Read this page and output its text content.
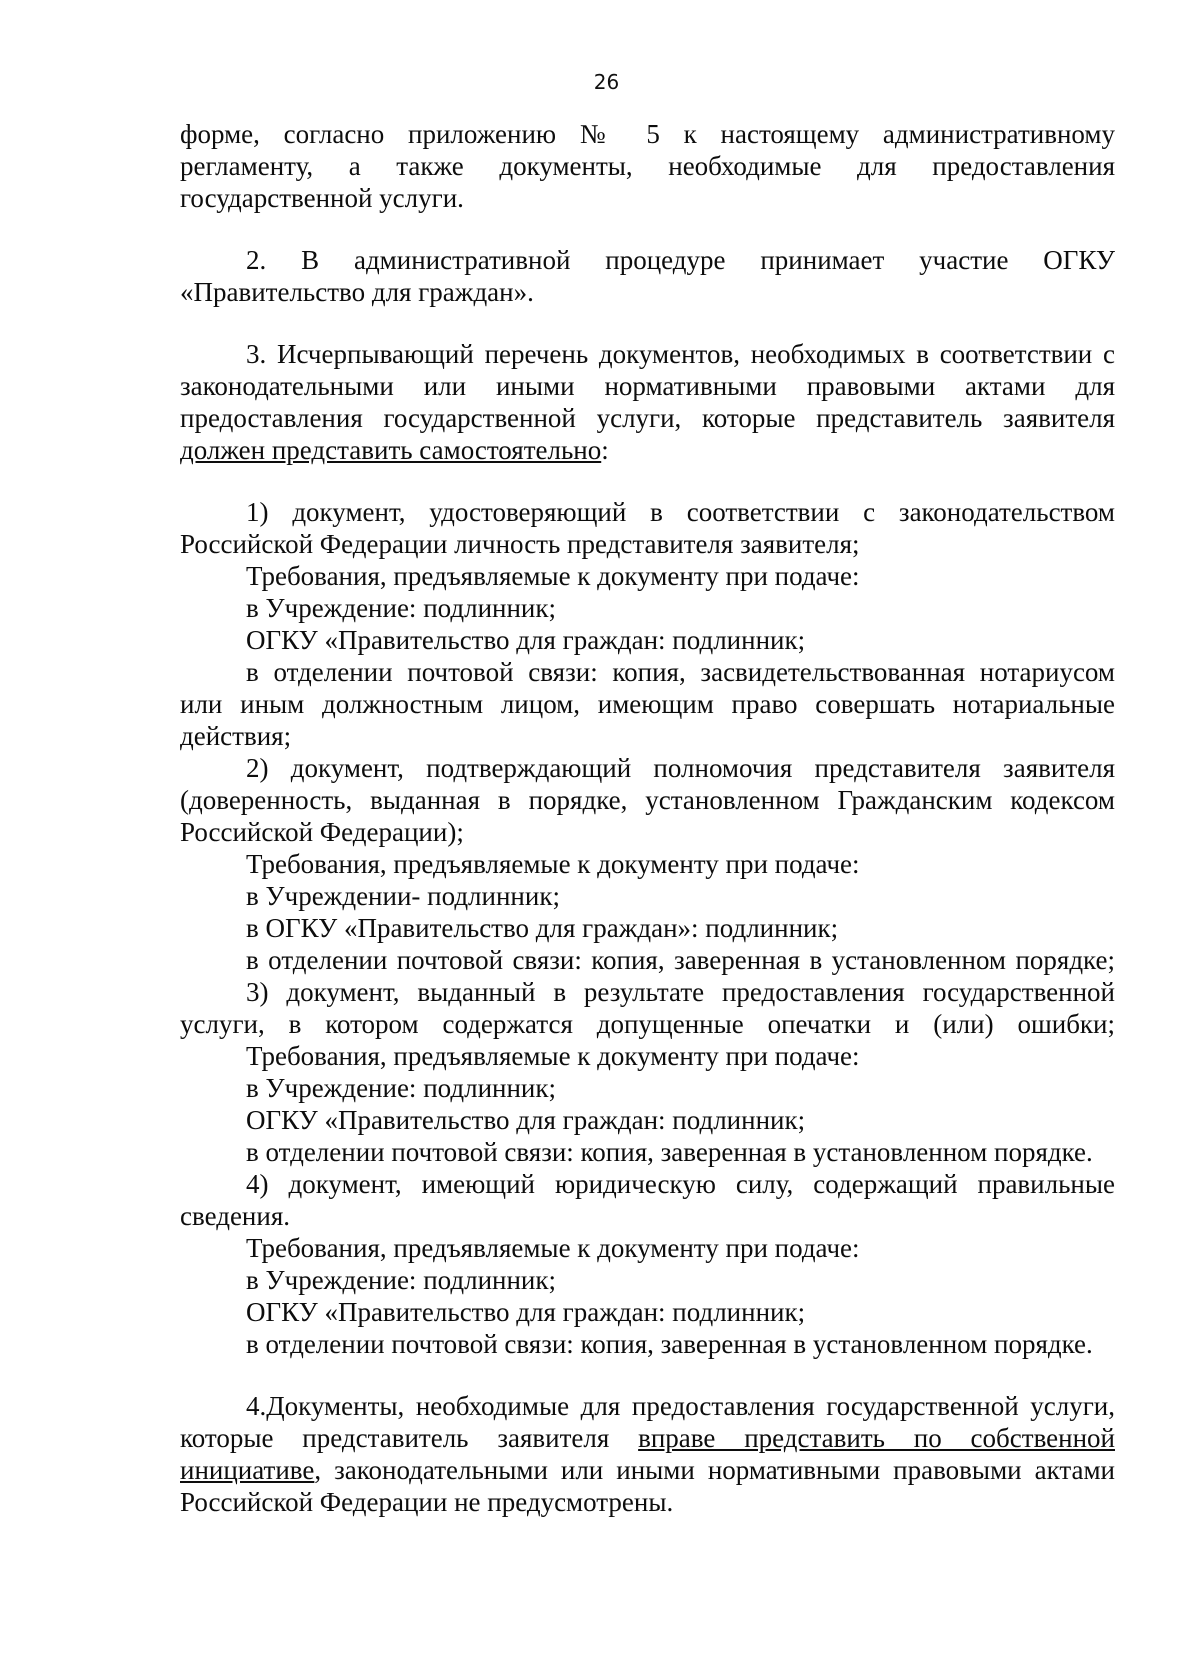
26

форме, согласно приложению № 5 к настоящему административному регламенту, а также документы, необходимые для предоставления государственной услуги.

2. В административной процедуре принимает участие ОГКУ «Правительство для граждан».

3. Исчерпывающий перечень документов, необходимых в соответствии с законодательными или иными нормативными правовыми актами для предоставления государственной услуги, которые представитель заявителя должен представить самостоятельно:

1) документ, удостоверяющий в соответствии с законодательством
Российской Федерации личность представителя заявителя;
Требования, предъявляемые к документу при подаче:
в Учреждение: подлинник;
ОГКУ «Правительство для граждан: подлинник;
в отделении почтовой связи: копия, засвидетельствованная нотариусом
или иным должностным лицом, имеющим право совершать нотариальные
действия;
2) документ, подтверждающий полномочия представителя заявителя
(доверенность, выданная в порядке, установленном Гражданским кодексом
Российской Федерации);
Требования, предъявляемые к документу при подаче:
в Учреждении- подлинник;
в ОГКУ «Правительство для граждан»: подлинник;
в отделении почтовой связи: копия, заверенная в установленном порядке;
3) документ, выданный в результате предоставления государственной
услуги, в котором содержатся допущенные опечатки и (или) ошибки;
Требования, предъявляемые к документу при подаче:
в Учреждение: подлинник;
ОГКУ «Правительство для граждан: подлинник;
в отделении почтовой связи: копия, заверенная в установленном порядке.
4) документ, имеющий юридическую силу, содержащий правильные
сведения.
Требования, предъявляемые к документу при подаче:
в Учреждение: подлинник;
ОГКУ «Правительство для граждан: подлинник;
в отделении почтовой связи: копия, заверенная в установленном порядке.

4.Документы, необходимые для предоставления государственной услуги, которые представитель заявителя вправе представить по собственной инициативе, законодательными или иными нормативными правовыми актами Российской Федерации не предусмотрены.
